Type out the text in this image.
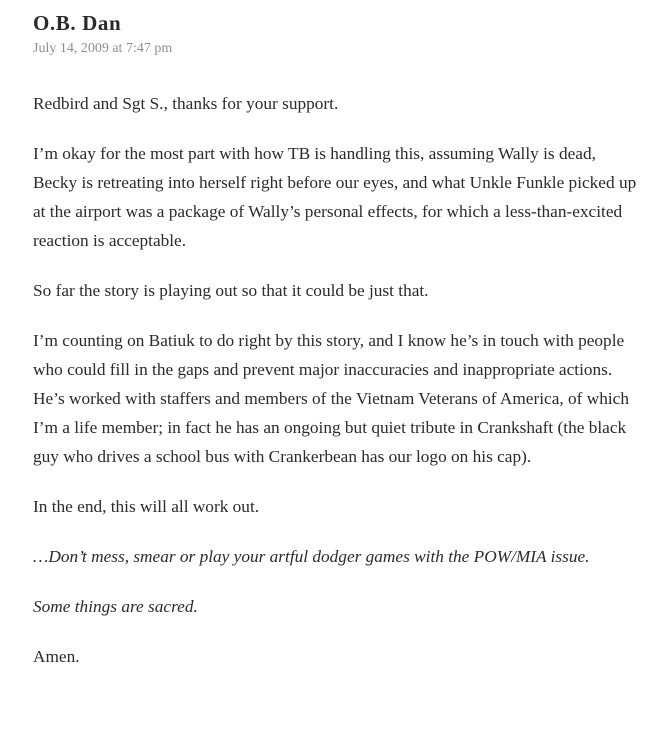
O.B. Dan
July 14, 2009 at 7:47 pm

Redbird and Sgt S., thanks for your support.

I’m okay for the most part with how TB is handling this, assuming Wally is dead, Becky is retreating into herself right before our eyes, and what Unkle Funkle picked up at the airport was a package of Wally’s personal effects, for which a less-than-excited reaction is acceptable.

So far the story is playing out so that it could be just that.

I’m counting on Batiuk to do right by this story, and I know he’s in touch with people who could fill in the gaps and prevent major inaccuracies and inappropriate actions. He’s worked with staffers and members of the Vietnam Veterans of America, of which I’m a life member; in fact he has an ongoing but quiet tribute in Crankshaft (the black guy who drives a school bus with Crankerbean has our logo on his cap).

In the end, this will all work out.

…Don’t mess, smear or play your artful dodger games with the POW/MIA issue.

Some things are sacred.

Amen.
